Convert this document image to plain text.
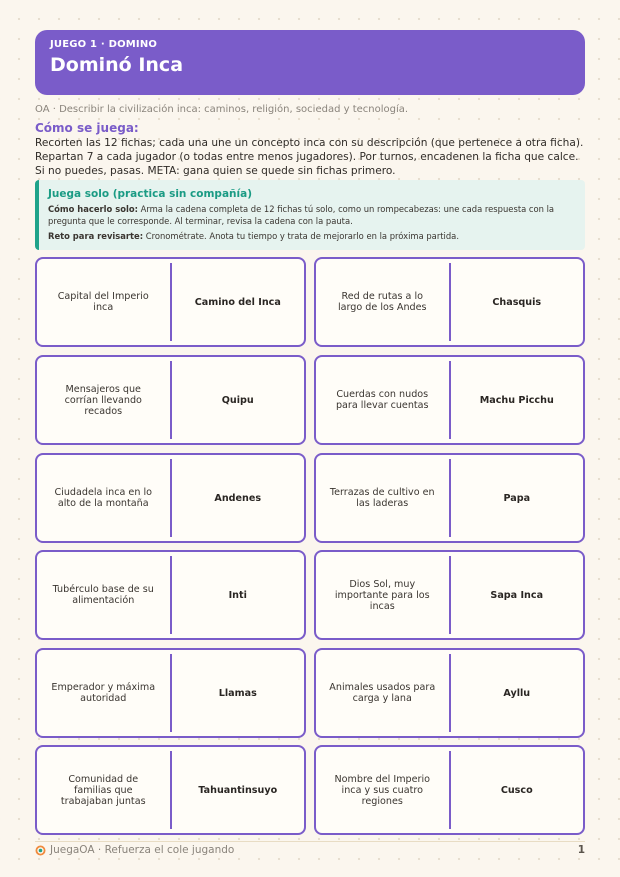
JUEGO 1 · DOMINO
Dominó Inca
OA · Describir la civilización inca: caminos, religión, sociedad y tecnología.
Cómo se juega:
Recorten las 12 fichas; cada una une un concepto inca con su descripción (que pertenece a otra ficha). Repartan 7 a cada jugador (o todas entre menos jugadores). Por turnos, encadenen la ficha que calce. Si no puedes, pasas. META: gana quien se quede sin fichas primero.
Juega solo (practica sin compañía)

Cómo hacerlo solo: Arma la cadena completa de 12 fichas tú solo, como un rompecabezas: une cada respuesta con la pregunta que le corresponde. Al terminar, revisa la cadena con la pauta.

Reto para revisarte: Cronométrate. Anota tu tiempo y trata de mejorarlo en la próxima partida.

Capital del Imperio inca	Camino del Inca	Red de rutas a lo largo de los Andes	Chasquis
Mensajeros que corrían llevando recados
Quipu	Cuerdas con nudos para llevar cuentas	Machu Picchu
Ciudadela inca en lo alto de la montaña	Andenes	Terrazas de cultivo en las laderas	Papa
Tubérculo base de su alimentación	Inti
Dios Sol, muy importante para los incas
Sapa Inca
Emperador y máxima autoridad	Llamas	Animales usados para carga y lana	Ayllu
Comunidad de familias que trabajaban juntas
Tahuantinsuyo
Nombre del Imperio inca y sus cuatro regiones
Cusco
JuegaOA · Refuerza el cole jugando	1
